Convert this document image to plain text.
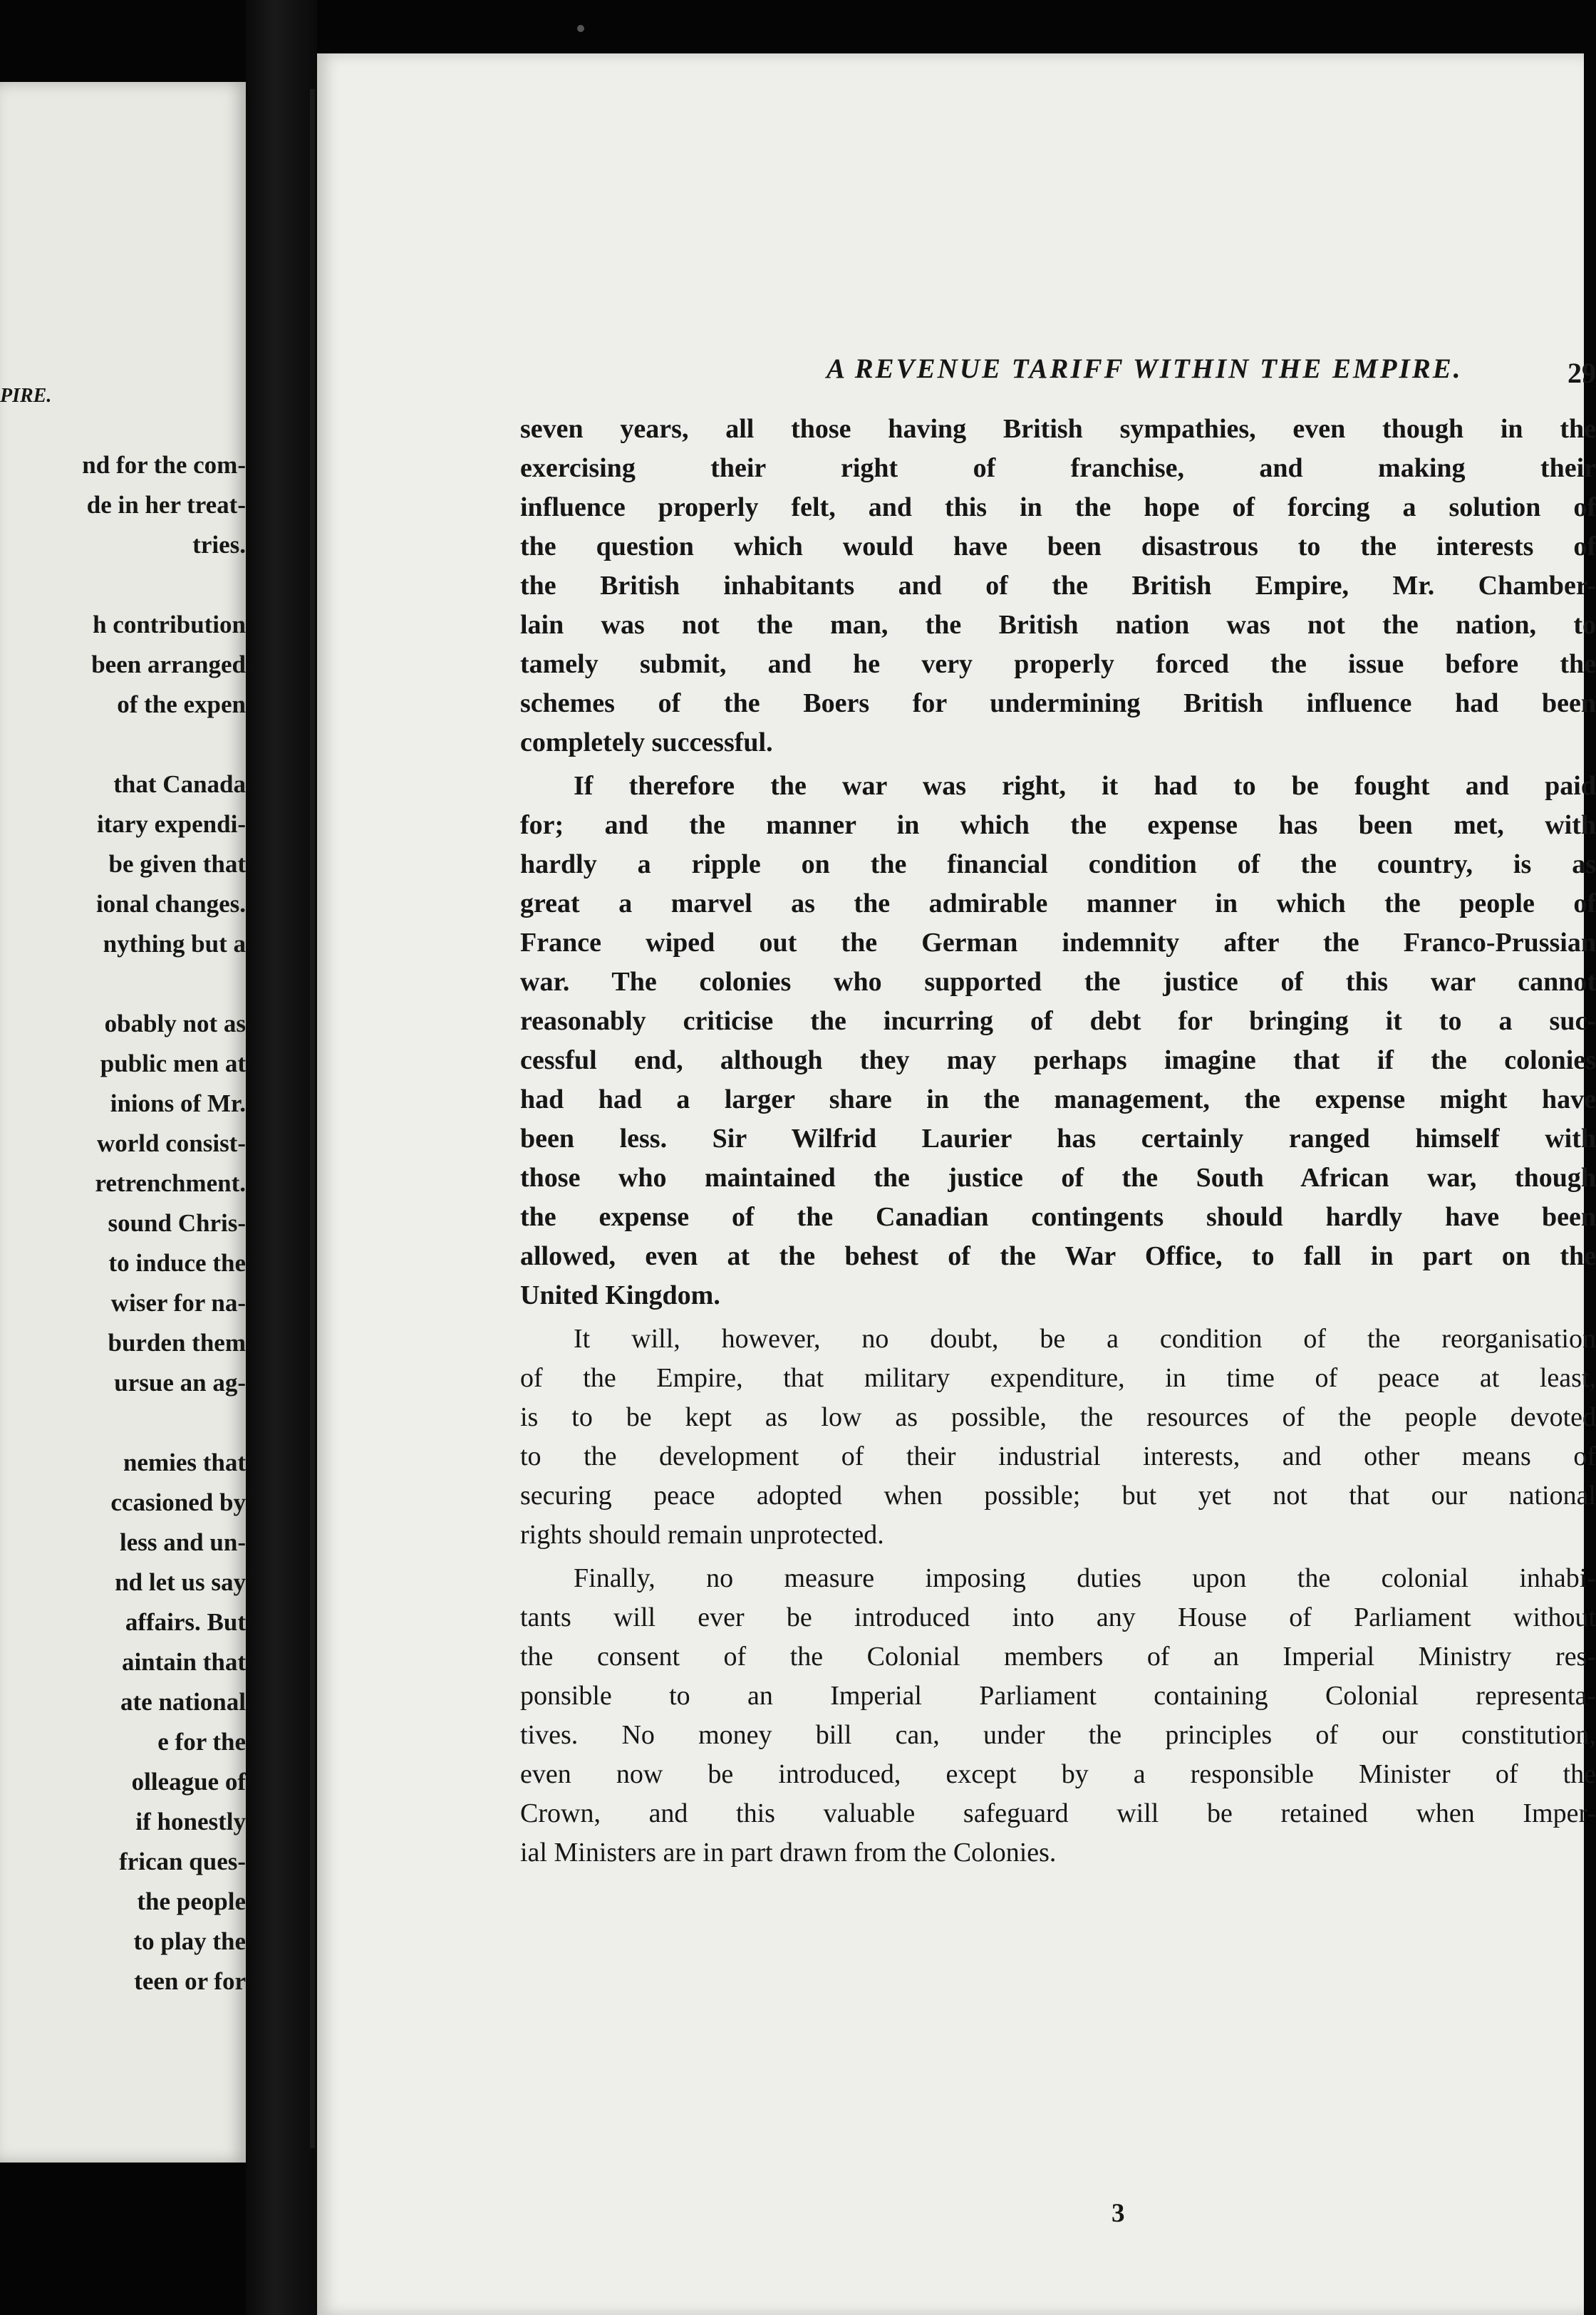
PIRE.
nd for the com-
de in her treat-
tries.
h contribution
been arranged
of the expen
that Canada
itary expendi-
be given that
ional changes.
nything but a
obably not as
public men at
inions of Mr.
world consist-
retrenchment.
sound Chris-
to induce the
wiser for na-
burden them
ursue an ag-
nemies that
ccasioned by
less and un-
nd let us say
affairs. But
aintain that
ate national
e for the
olleague of
if honestly
frican ques-
the people
to play the
teen or for
A REVENUE TARIFF WITHIN THE EMPIRE.	29
seven years, all those having British sympathies, even though in the
exercising their right of franchise, and making their
influence properly felt, and this in the hope of forcing a solution of
the question which would have been disastrous to the interests of
the British inhabitants and of the British Empire, Mr. Chamber-
lain was not the man, the British nation was not the nation, to
tamely submit, and he very properly forced the issue before the
schemes of the Boers for undermining British influence had been
completely successful.
If therefore the war was right, it had to be fought and paid
for; and the manner in which the expense has been met, with
hardly a ripple on the financial condition of the country, is as
great a marvel as the admirable manner in which the people of
France wiped out the German indemnity after the Franco-Prussian
war. The colonies who supported the justice of this war cannot
reasonably criticise the incurring of debt for bringing it to a suc-
cessful end, although they may perhaps imagine that if the colonies
had had a larger share in the management, the expense might have
been less. Sir Wilfrid Laurier has certainly ranged himself with
those who maintained the justice of the South African war, though
the expense of the Canadian contingents should hardly have been
allowed, even at the behest of the War Office, to fall in part on the
United Kingdom.
It will, however, no doubt, be a condition of the reorganisation
of the Empire, that military expenditure, in time of peace at least,
is to be kept as low as possible, the resources of the people devoted
to the development of their industrial interests, and other means of
securing peace adopted when possible; but yet not that our national
rights should remain unprotected.
Finally, no measure imposing duties upon the colonial inhabi-
tants will ever be introduced into any House of Parliament without
the consent of the Colonial members of an Imperial Ministry res-
ponsible to an Imperial Parliament containing Colonial representa-
tives. No money bill can, under the principles of our constitution,
even now be introduced, except by a responsible Minister of the
Crown, and this valuable safeguard will be retained when Imper-
ial Ministers are in part drawn from the Colonies.
3
